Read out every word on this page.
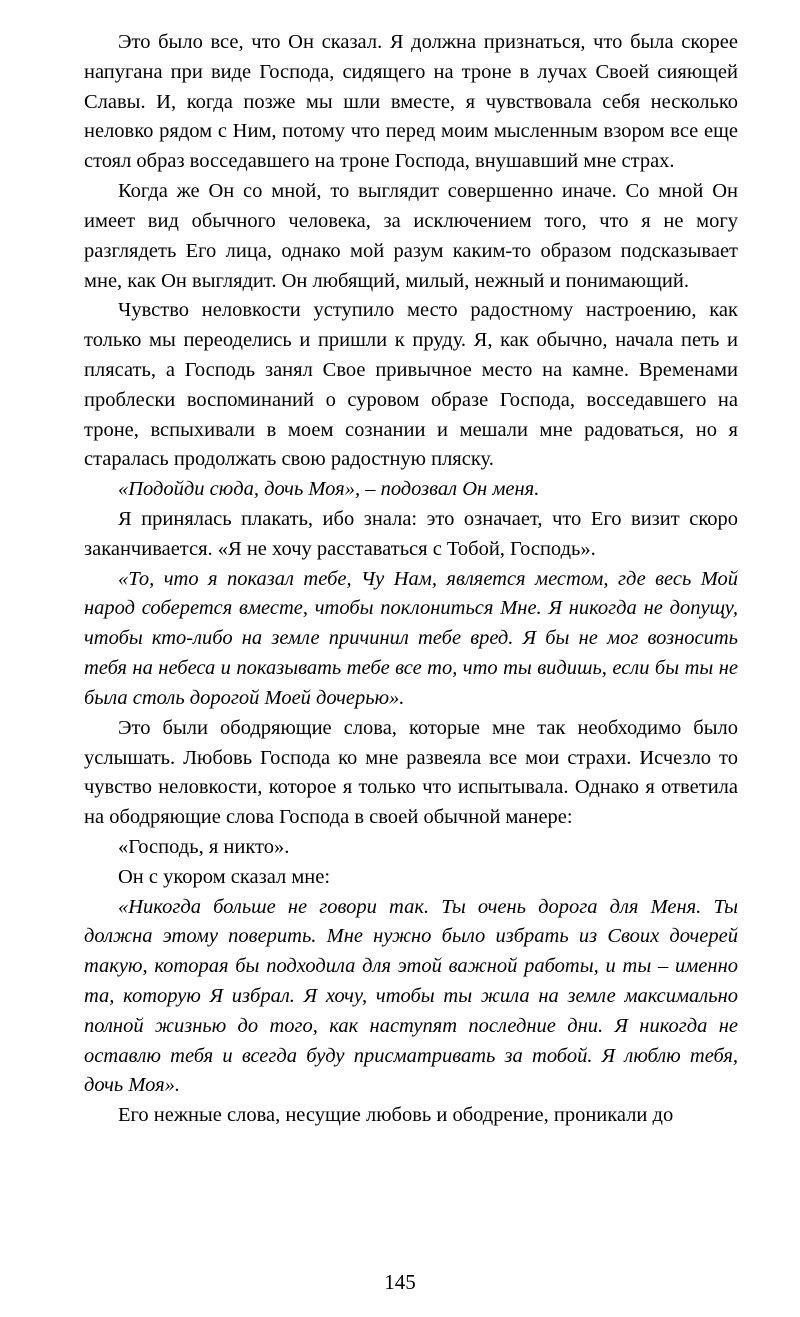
Это было все, что Он сказал. Я должна признаться, что была скорее напугана при виде Господа, сидящего на троне в лучах Своей сияющей Славы. И, когда позже мы шли вместе, я чувствовала себя несколько неловко рядом с Ним, потому что перед моим мысленным взором все еще стоял образ восседавшего на троне Господа, внушавший мне страх.

Когда же Он со мной, то выглядит совершенно иначе. Со мной Он имеет вид обычного человека, за исключением того, что я не могу разглядеть Его лица, однако мой разум каким-то образом подсказывает мне, как Он выглядит. Он любящий, милый, нежный и понимающий.

Чувство неловкости уступило место радостному настроению, как только мы переоделись и пришли к пруду. Я, как обычно, начала петь и плясать, а Господь занял Свое привычное место на камне. Временами проблески воспоминаний о суровом образе Господа, восседавшего на троне, вспыхивали в моем сознании и мешали мне радоваться, но я старалась продолжать свою радостную пляску.

«Подойди сюда, дочь Моя», – подозвал Он меня.

Я принялась плакать, ибо знала: это означает, что Его визит скоро заканчивается. «Я не хочу расставаться с Тобой, Господь».

«То, что я показал тебе, Чу Нам, является местом, где весь Мой народ соберется вместе, чтобы поклониться Мне. Я никогда не допущу, чтобы кто-либо на земле причинил тебе вред. Я бы не мог возносить тебя на небеса и показывать тебе все то, что ты видишь, если бы ты не была столь дорогой Моей дочерью».

Это были ободряющие слова, которые мне так необходимо было услышать. Любовь Господа ко мне развеяла все мои страхи. Исчезло то чувство неловкости, которое я только что испытывала. Однако я ответила на ободряющие слова Господа в своей обычной манере:

«Господь, я никто».

Он с укором сказал мне:

«Никогда больше не говори так. Ты очень дорога для Меня. Ты должна этому поверить. Мне нужно было избрать из Своих дочерей такую, которая бы подходила для этой важной работы, и ты – именно та, которую Я избрал. Я хочу, чтобы ты жила на земле максимально полной жизнью до того, как наступят последние дни. Я никогда не оставлю тебя и всегда буду присматривать за тобой. Я люблю тебя, дочь Моя».

Его нежные слова, несущие любовь и ободрение, проникали до

145
